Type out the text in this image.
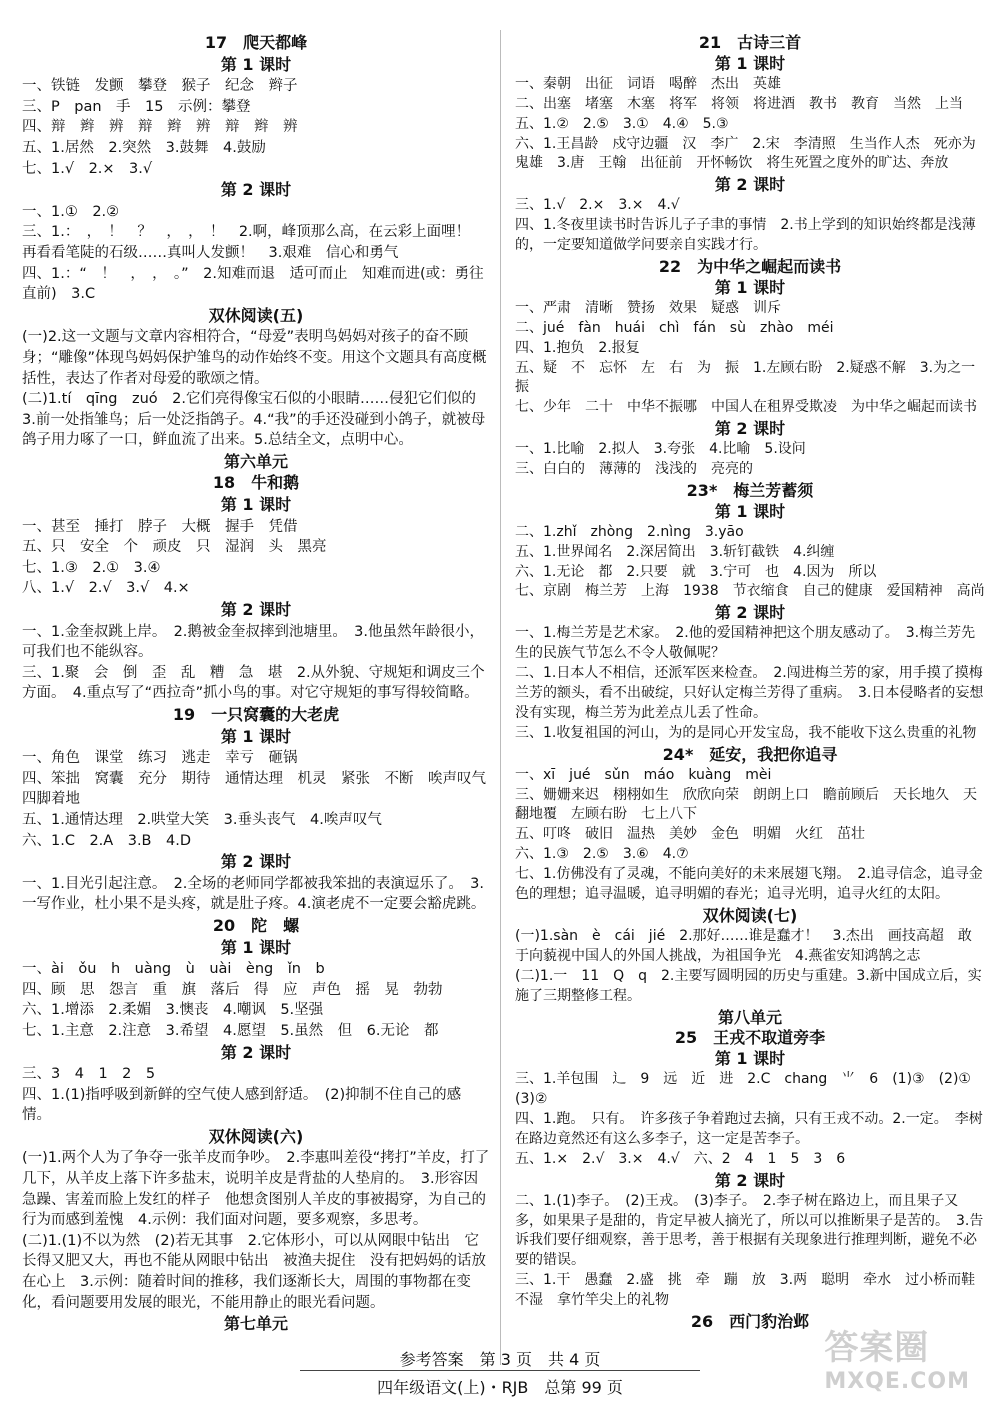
17　爬天都峰
第 1 课时
一、铁链　发颤　攀登　猴子　纪念　辫子
三、P　pan　手　15　示例：攀登
四、辩　辫　辨　辩　辫　辨　辩　辫　辨
五、1.居然　2.突然　3.鼓舞　4.鼓励
七、1.√　2.×　3.√
第 2 课时
一、1.①　2.②
三、1.：　，　！　？　，　，　！　2.啊，峰顶那么高，在云彩上面哩！　再看看笔陡的石级……真叫人发颤！　3.艰难　信心和勇气
四、1.：“　！　，　，　。”　2.知难而退　适可而止　知难而进(或：勇往直前)　3.C
双休阅读(五)
(一)2.这一文题与文章内容相符合，“母爱”表明鸟妈妈对孩子的奋不顾身；“雕像”体现鸟妈妈保护雏鸟的动作始终不变。用这个文题具有高度概括性，表达了作者对母爱的歌颂之情。
(二)1.tí　qīng　zuó　2.它们亮得像宝石似的小眼睛……侵犯它们似的　3.前一处指雏鸟；后一处泛指鸽子。4.“我”的手还没碰到小鸽子，就被母鸽子用力啄了一口，鲜血流了出来。5.总结全文，点明中心。
第六单元
18　牛和鹅
第 1 课时
一、甚至　捶打　脖子　大概　握手　凭借
五、只　安全　个　顽皮　只　湿润　头　黑亮
七、1.③　2.①　3.④
八、1.√　2.√　3.√　4.×
第 2 课时
一、1.金奎叔跳上岸。　2.鹅被金奎叔摔到池塘里。　3.他虽然年龄很小，可我们也不能纵容。
三、1.聚　会　倒　歪　乱　糟　急　堪　2.从外貌、守规矩和调皮三个方面。　4.重点写了“西拉奇”抓小鸟的事。对它守规矩的事写得较简略。
19　一只窝囊的大老虎
第 1 课时
一、角色　课堂　练习　逃走　幸亏　砸锅
四、笨拙　窝囊　充分　期待　通情达理　机灵　紧张　不断　唉声叹气　四脚着地
五、1.通情达理　2.哄堂大笑　3.垂头丧气　4.唉声叹气
六、1.C　2.A　3.B　4.D
第 2 课时
一、1.目光引起注意。　2.全场的老师同学都被我笨拙的表演逗乐了。　3.一写作业，杜小果不是头疼，就是肚子疼。4.演老虎不一定要会豁虎跳。
20　陀　螺
第 1 课时
一、ài　ǒu　h　uàng　ù　uài　èng　ǐn　b
四、顾　思　怨言　重　旗　落后　得　应　声色　摇　晃　勃勃
六、1.增添　2.柔媚　3.懊丧　4.嘲讽　5.坚强
七、1.主意　2.注意　3.希望　4.愿望　5.虽然　但　6.无论　都
第 2 课时
三、3　4　1　2　5
四、1.(1)指呼吸到新鲜的空气使人感到舒适。　(2)抑制不住自己的感情。
双休阅读(六)
(一)1.两个人为了争夺一张羊皮而争吵。　2.李惠叫差役“拷打”羊皮，打了几下，从羊皮上落下许多盐末，说明羊皮是背盐的人垫肩的。　3.形容因急躁、害羞而脸上发红的样子　他想贪图别人羊皮的事被揭穿，为自己的行为而感到羞愧　4.示例：我们面对问题，要多观察，多思考。
(二)1.(1)不以为然　(2)若无其事　2.它体形小，可以从网眼中钻出　它长得又肥又大，再也不能从网眼中钻出　被渔夫捉住　没有把妈妈的话放在心上　3.示例：随着时间的推移，我们逐渐长大，周围的事物都在变化，看问题要用发展的眼光，不能用静止的眼光看问题。
第七单元
21　古诗三首
第 1 课时
一、秦朝　出征　词语　喝醉　杰出　英雄
二、出塞　堵塞　木塞　将军　将领　将进酒　教书　教育　当然　上当
五、1.②　2.⑤　3.①　4.④　5.③
六、1.王昌龄　戍守边疆　汉　李广　2.宋　李清照　生当作人杰　死亦为鬼雄　3.唐　王翰　出征前　开怀畅饮　将生死置之度外的旷达、奔放
第 2 课时
三、1.√　2.×　3.×　4.√
四、1.冬夜里读书时告诉儿子子聿的事情　2.书上学到的知识始终都是浅薄的，一定要知道做学问要亲自实践才行。
22　为中华之崛起而读书
第 1 课时
一、严肃　清晰　赞扬　效果　疑惑　训斥
二、jué　fàn　huái　chì　fán　sù　zhào　méi
四、1.抱负　2.报复
五、疑　不　忘怀　左　右　为　振　1.左顾右盼　2.疑惑不解　3.为之一振
七、少年　二十　中华不振哪　中国人在租界受欺凌　为中华之崛起而读书
第 2 课时
一、1.比喻　2.拟人　3.夸张　4.比喻　5.设问
三、白白的　薄薄的　浅浅的　亮亮的
23*　梅兰芳蓄须
第 1 课时
二、1.zhǐ　zhòng　2.nìng　3.yāo
五、1.世界闻名　2.深居简出　3.斩钉截铁　4.纠缠
六、1.无论　都　2.只要　就　3.宁可　也　4.因为　所以
七、京剧　梅兰芳　上海　1938　节衣缩食　自己的健康　爱国精神　高尚
第 2 课时
一、1.梅兰芳是艺术家。　2.他的爱国精神把这个朋友感动了。　3.梅兰芳先生的民族气节怎么不令人敬佩呢？
二、1.日本人不相信，还派军医来检查。　2.闯进梅兰芳的家，用手摸了摸梅兰芳的额头，看不出破绽，只好认定梅兰芳得了重病。　3.日本侵略者的妄想没有实现，梅兰芳为此差点儿丢了性命。
三、1.收复祖国的河山，为的是同心开发宝岛，我不能收下这么贵重的礼物
24*　延安，我把你追寻
一、xī　jué　sǔn　máo　kuàng　mèi
三、姗姗来迟　栩栩如生　欣欣向荣　朗朗上口　瞻前顾后　天长地久　天翻地覆　左顾右盼　七上八下
五、叮咚　破旧　温热　美妙　金色　明媚　火红　茁壮
六、1.③　2.⑤　3.⑥　4.⑦
七、1.仿佛没有了灵魂，不能向美好的未来展翅飞翔。　2.追寻信念，追寻金色的理想；追寻温暖，追寻明媚的春光；追寻光明，追寻火红的太阳。
双休阅读(七)
(一)1.sàn　è　cái　jié　2.那好……谁是蠢才！　3.杰出　画技高超　敢于向藐视中国人的外国人挑战，为祖国争光　4.燕雀安知鸿鹄之志
(二)1.一　11　Q　q　2.主要写圆明园的历史与重建。3.新中国成立后，实施了三期整修工程。
第八单元
25　王戎不取道旁李
第 1 课时
三、1.羊包围　辶　9　远　近　进　2.C　chang　⺌　6　(1)③　(2)①　(3)②
四、1.跑。　只有。　许多孩子争着跑过去摘，只有王戎不动。2.一定。　李树在路边竟然还有这么多李子，这一定是苦李子。
五、1.×　2.√　3.×　4.√　六、2　4　1　5　3　6
第 2 课时
二、1.(1)李子。　(2)王戎。　(3)李子。　2.李子树在路边上，而且果子又多，如果果子是甜的，肯定早被人摘光了，所以可以推断果子是苦的。　3.告诉我们要仔细观察，善于思考，善于根据有关现象进行推理判断，避免不必要的错误。
三、1.干　愚蠢　2.盛　挑　牵　蹦　放　3.两　聪明　牵水　过小桥而鞋不湿　拿竹竿尖上的礼物
26　西门豹治邺
参考答案　第 3 页　共 4 页
四年级语文(上)・RJB　总第 99 页
答案圈
MXQE.COM
